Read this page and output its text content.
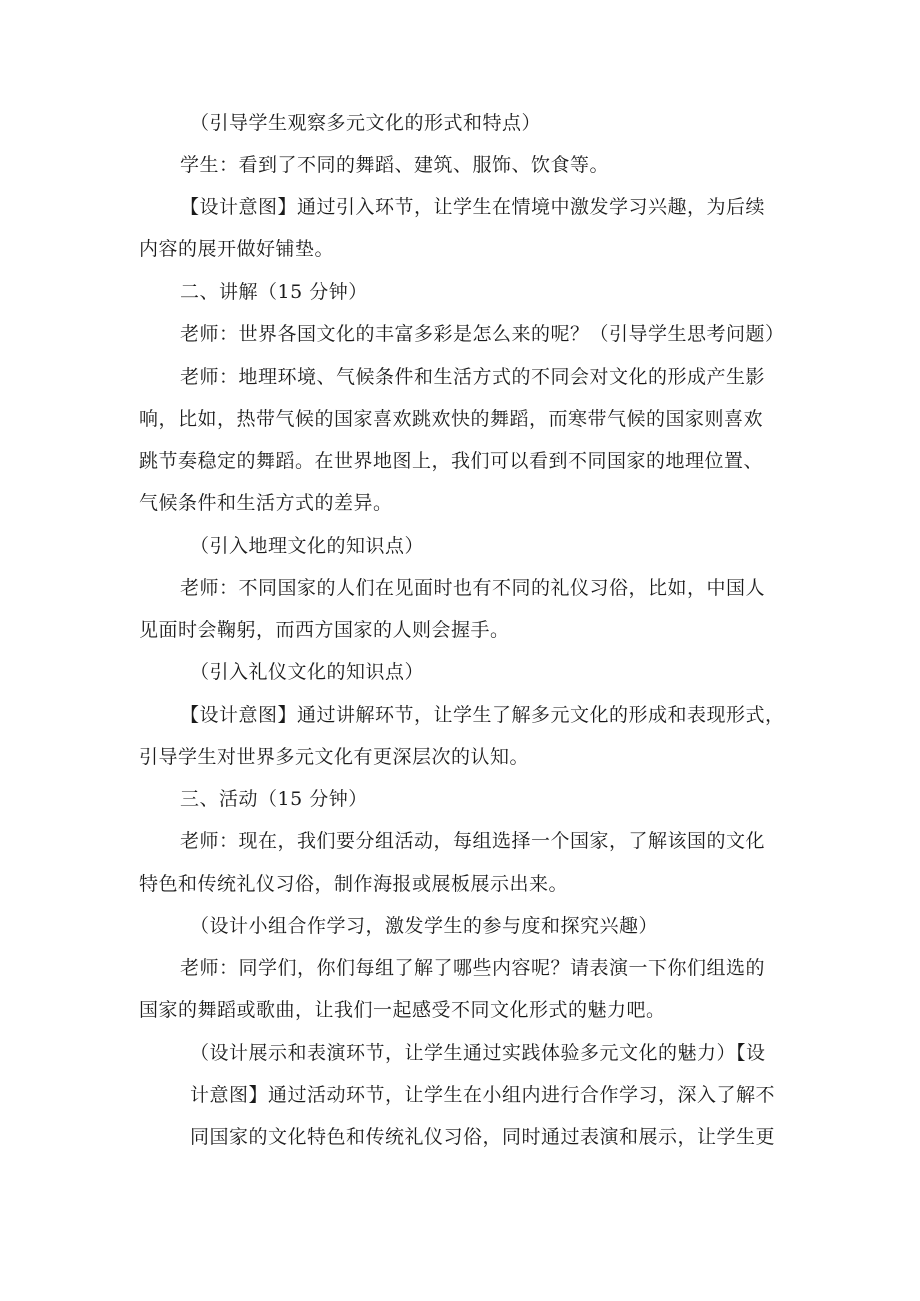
（引导学生观察多元文化的形式和特点）
学生：看到了不同的舞蹈、建筑、服饰、饮食等。
【设计意图】通过引入环节，让学生在情境中激发学习兴趣，为后续
内容的展开做好铺垫。
二、讲解（15 分钟）
老师：世界各国文化的丰富多彩是怎么来的呢？（引导学生思考问题）
老师：地理环境、气候条件和生活方式的不同会对文化的形成产生影
响，比如，热带气候的国家喜欢跳欢快的舞蹈，而寒带气候的国家则喜欢
跳节奏稳定的舞蹈。在世界地图上，我们可以看到不同国家的地理位置、
气候条件和生活方式的差异。
（引入地理文化的知识点）
老师：不同国家的人们在见面时也有不同的礼仪习俗，比如，中国人
见面时会鞠躬，而西方国家的人则会握手。
（引入礼仪文化的知识点）
【设计意图】通过讲解环节，让学生了解多元文化的形成和表现形式，
引导学生对世界多元文化有更深层次的认知。
三、活动（15 分钟）
老师：现在，我们要分组活动，每组选择一个国家，了解该国的文化
特色和传统礼仪习俗，制作海报或展板展示出来。
（设计小组合作学习，激发学生的参与度和探究兴趣）
老师：同学们，你们每组了解了哪些内容呢？请表演一下你们组选的
国家的舞蹈或歌曲，让我们一起感受不同文化形式的魅力吧。
（设计展示和表演环节，让学生通过实践体验多元文化的魅力）【设
计意图】通过活动环节，让学生在小组内进行合作学习，深入了解不
同国家的文化特色和传统礼仪习俗，同时通过表演和展示，让学生更
